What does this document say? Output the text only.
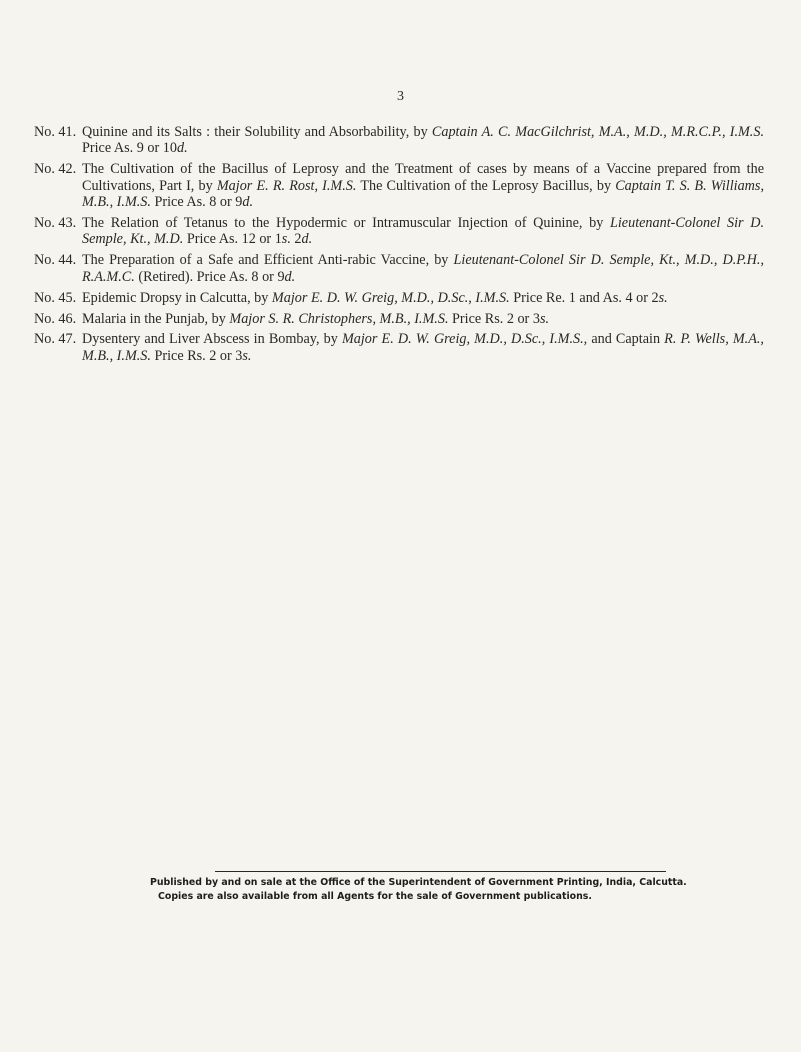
3
No. 41. Quinine and its Salts : their Solubility and Absorbability, by Captain A. C. MacGilchrist, M.A., M.D., M.R.C.P., I.M.S. Price As. 9 or 10d.
No. 42. The Cultivation of the Bacillus of Leprosy and the Treatment of cases by means of a Vaccine prepared from the Cultivations, Part I, by Major E. R. Rost, I.M.S. The Cultivation of the Leprosy Bacillus, by Captain T. S. B. Williams, M.B., I.M.S. Price As. 8 or 9d.
No. 43. The Relation of Tetanus to the Hypodermic or Intramuscular Injection of Quinine, by Lieutenant-Colonel Sir D. Semple, Kt., M.D. Price As. 12 or 1s. 2d.
No. 44. The Preparation of a Safe and Efficient Anti-rabic Vaccine, by Lieutenant-Colonel Sir D. Semple, Kt., M.D., D.P.H., R.A.M.C. (Retired). Price As. 8 or 9d.
No. 45. Epidemic Dropsy in Calcutta, by Major E. D. W. Greig, M.D., D.Sc., I.M.S. Price Re. 1 and As. 4 or 2s.
No. 46. Malaria in the Punjab, by Major S. R. Christophers, M.B., I.M.S. Price Rs. 2 or 3s.
No. 47. Dysentery and Liver Abscess in Bombay, by Major E. D. W. Greig, M.D., D.Sc., I.M.S., and Captain R. P. Wells, M.A., M.B., I.M.S. Price Rs. 2 or 3s.
Published by and on sale at the Office of the Superintendent of Government Printing, India, Calcutta.
Copies are also available from all Agents for the sale of Government publications.
